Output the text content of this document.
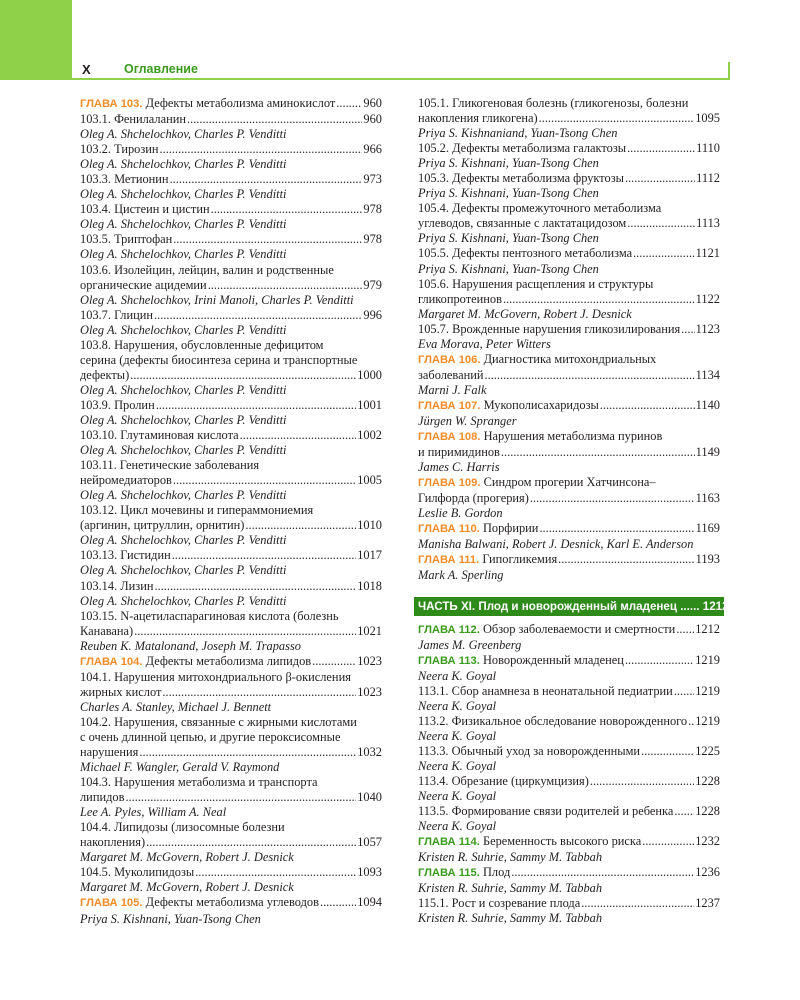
X	Оглавление
ГЛАВА 103. Дефекты метаболизма аминокислот ..... 960
103.1. Фенилаланин .....	960
Oleg A. Shchelochkov, Charles P. Venditti
103.2. Тирозин .....	966
Oleg A. Shchelochkov, Charles P. Venditti
103.3. Метионин .....	973
Oleg A. Shchelochkov, Charles P. Venditti
103.4. Цистеин и цистин .....	978
Oleg A. Shchelochkov, Charles P. Venditti
103.5. Триптофан .....	978
Oleg A. Shchelochkov, Charles P. Venditti
103.6. Изолейцин, лейцин, валин и родственные
органические ацидемии .....	979
Oleg A. Shchelochkov, Irini Manoli, Charles P. Venditti
103.7. Глицин .....	996
Oleg A. Shchelochkov, Charles P. Venditti
103.8. Нарушения, обусловленные дефицитом
серина (дефекты биосинтеза серина и транспортные
дефекты) .....	1000
Oleg A. Shchelochkov, Charles P. Venditti
103.9. Пролин .....	1001
Oleg A. Shchelochkov, Charles P. Venditti
103.10. Глутаминовая кислота .....	1002
Oleg A. Shchelochkov, Charles P. Venditti
103.11. Генетические заболевания
нейромедиаторов .....	1005
Oleg A. Shchelochkov, Charles P. Venditti
103.12. Цикл мочевины и гипераммониемия
(аргинин, цитруллин, орнитин) .....	1010
Oleg A. Shchelochkov, Charles P. Venditti
103.13. Гистидин .....	1017
Oleg A. Shchelochkov, Charles P. Venditti
103.14. Лизин .....	1018
Oleg A. Shchelochkov, Charles P. Venditti
103.15. N-ацетиласпарагиновая кислота (болезнь
Канавана) .....	1021
Reuben K. Matalonand, Joseph M. Trapasso
ГЛАВА 104. Дефекты метаболизма липидов .....	1023
104.1. Нарушения митохондриального β-окисления
жирных кислот .....	1023
Charles A. Stanley, Michael J. Bennett
104.2. Нарушения, связанные с жирными кислотами
с очень длинной цепью, и другие пероксисомные
нарушения .....	1032
Michael F. Wangler, Gerald V. Raymond
104.3. Нарушения метаболизма и транспорта
липидов .....	1040
Lee A. Pyles, William A. Neal
104.4. Липидозы (лизосомные болезни
накопления) .....	1057
Margaret M. McGovern, Robert J. Desnick
104.5. Муколипидозы .....	1093
Margaret M. McGovern, Robert J. Desnick
ГЛАВА 105. Дефекты метаболизма углеводов .....	1094
Priya S. Kishnani, Yuan-Tsong Chen
105.1. Гликогеновая болезнь (гликогенозы, болезни
накопления гликогена) .....	1095
Priya S. Kishnaniand, Yuan-Tsong Chen
105.2. Дефекты метаболизма галактозы .....	1110
Priya S. Kishnani, Yuan-Tsong Chen
105.3. Дефекты метаболизма фруктозы .....	1112
Priya S. Kishnani, Yuan-Tsong Chen
105.4. Дефекты промежуточного метаболизма
углеводов, связанные с лактатацидозом .....	1113
Priya S. Kishnani, Yuan-Tsong Chen
105.5. Дефекты пентозного метаболизма .....	1121
Priya S. Kishnani, Yuan-Tsong Chen
105.6. Нарушения расщепления и структуры
гликопротеинов .....	1122
Margaret M. McGovern, Robert J. Desnick
105.7. Врожденные нарушения гликозилирования ..... 1123
Eva Morava, Peter Witters
ГЛАВА 106. Диагностика митохондриальных
заболеваний .....	1134
Marni J. Falk
ГЛАВА 107. Мукополисахаридозы .....	1140
Jürgen W. Spranger
ГЛАВА 108. Нарушения метаболизма пуринов
и пиримидинов .....	1149
James C. Harris
ГЛАВА 109. Синдром прогерии Хатчинсона–
Гилфорда (прогерия) .....	1163
Leslie B. Gordon
ГЛАВА 110. Порфирии .....	1169
Manisha Balwani, Robert J. Desnick, Karl E. Anderson
ГЛАВА 111. Гипогликемия .....	1193
Mark A. Sperling
ЧАСТЬ XI. Плод и новорожденный младенец ...... 1212
ГЛАВА 112. Обзор заболеваемости и смертности ..... 1212
James M. Greenberg
ГЛАВА 113. Новорожденный младенец .....	1219
Neera K. Goyal
113.1. Сбор анамнеза в неонатальной педиатрии ..... 1219
Neera K. Goyal
113.2. Физикальное обследование новорожденного ..... 1219
Neera K. Goyal
113.3. Обычный уход за новорожденными .....	1225
Neera K. Goyal
113.4. Обрезание (циркумцизия) .....	1228
Neera K. Goyal
113.5. Формирование связи родителей и ребенка ..... 1228
Neera K. Goyal
ГЛАВА 114. Беременность высокого риска .....	1232
Kristen R. Suhrie, Sammy M. Tabbah
ГЛАВА 115. Плод .....	1236
Kristen R. Suhrie, Sammy M. Tabbah
115.1. Рост и созревание плода .....	1237
Kristen R. Suhrie, Sammy M. Tabbah
